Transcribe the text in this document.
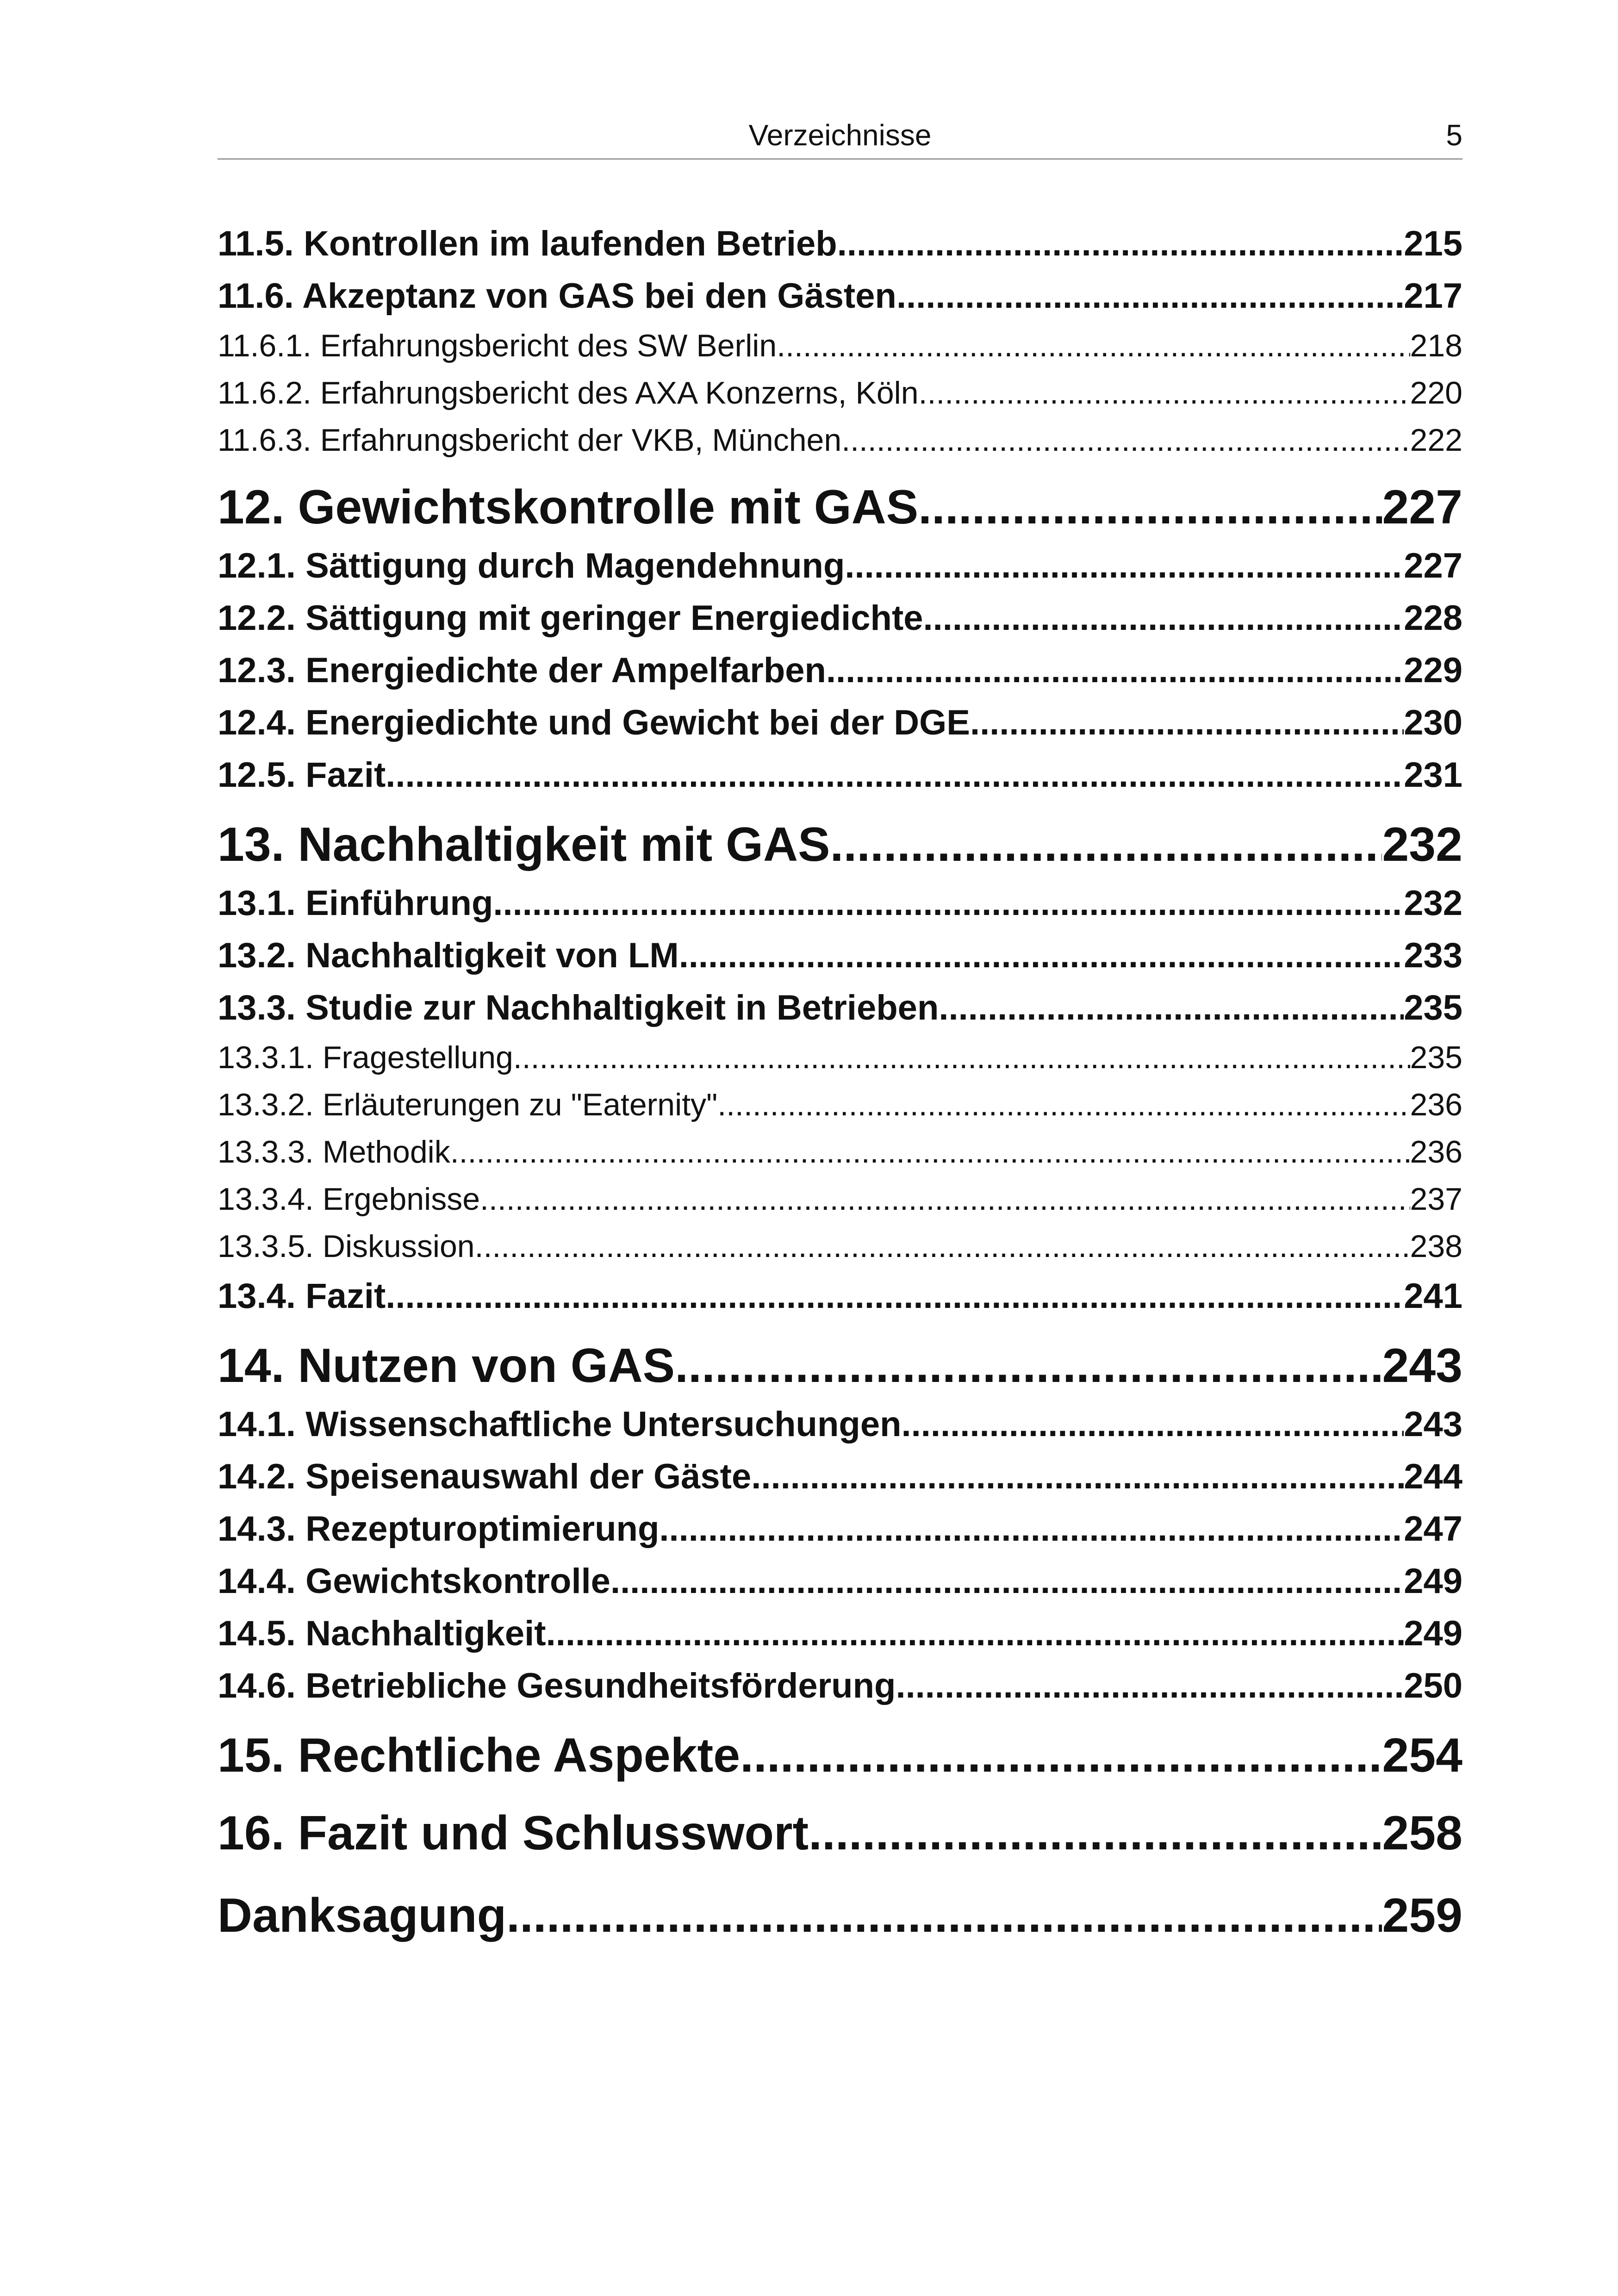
Verzeichnisse	5
11.5. Kontrollen im laufenden Betrieb .....	215
11.6. Akzeptanz von GAS bei den Gästen .....	217
11.6.1. Erfahrungsbericht des SW Berlin .....	218
11.6.2. Erfahrungsbericht des AXA Konzerns, Köln .....	220
11.6.3. Erfahrungsbericht der VKB, München .....	222
12. Gewichtskontrolle mit GAS .....	227
12.1. Sättigung durch Magendehnung .....	227
12.2. Sättigung mit geringer Energiedichte .....	228
12.3. Energiedichte der Ampelfarben .....	229
12.4. Energiedichte und Gewicht bei der DGE .....	230
12.5. Fazit .....	231
13. Nachhaltigkeit mit GAS .....	232
13.1. Einführung .....	232
13.2. Nachhaltigkeit von LM .....	233
13.3. Studie zur Nachhaltigkeit in Betrieben .....	235
13.3.1. Fragestellung .....	235
13.3.2. Erläuterungen zu "Eaternity" .....	236
13.3.3. Methodik .....	236
13.3.4. Ergebnisse .....	237
13.3.5. Diskussion .....	238
13.4. Fazit .....	241
14. Nutzen von GAS .....	243
14.1. Wissenschaftliche Untersuchungen .....	243
14.2. Speisenauswahl der Gäste .....	244
14.3. Rezepturoptimierung .....	247
14.4. Gewichtskontrolle .....	249
14.5. Nachhaltigkeit .....	249
14.6. Betriebliche Gesundheitsförderung .....	250
15. Rechtliche Aspekte .....	254
16. Fazit und Schlusswort .....	258
Danksagung .....	259
